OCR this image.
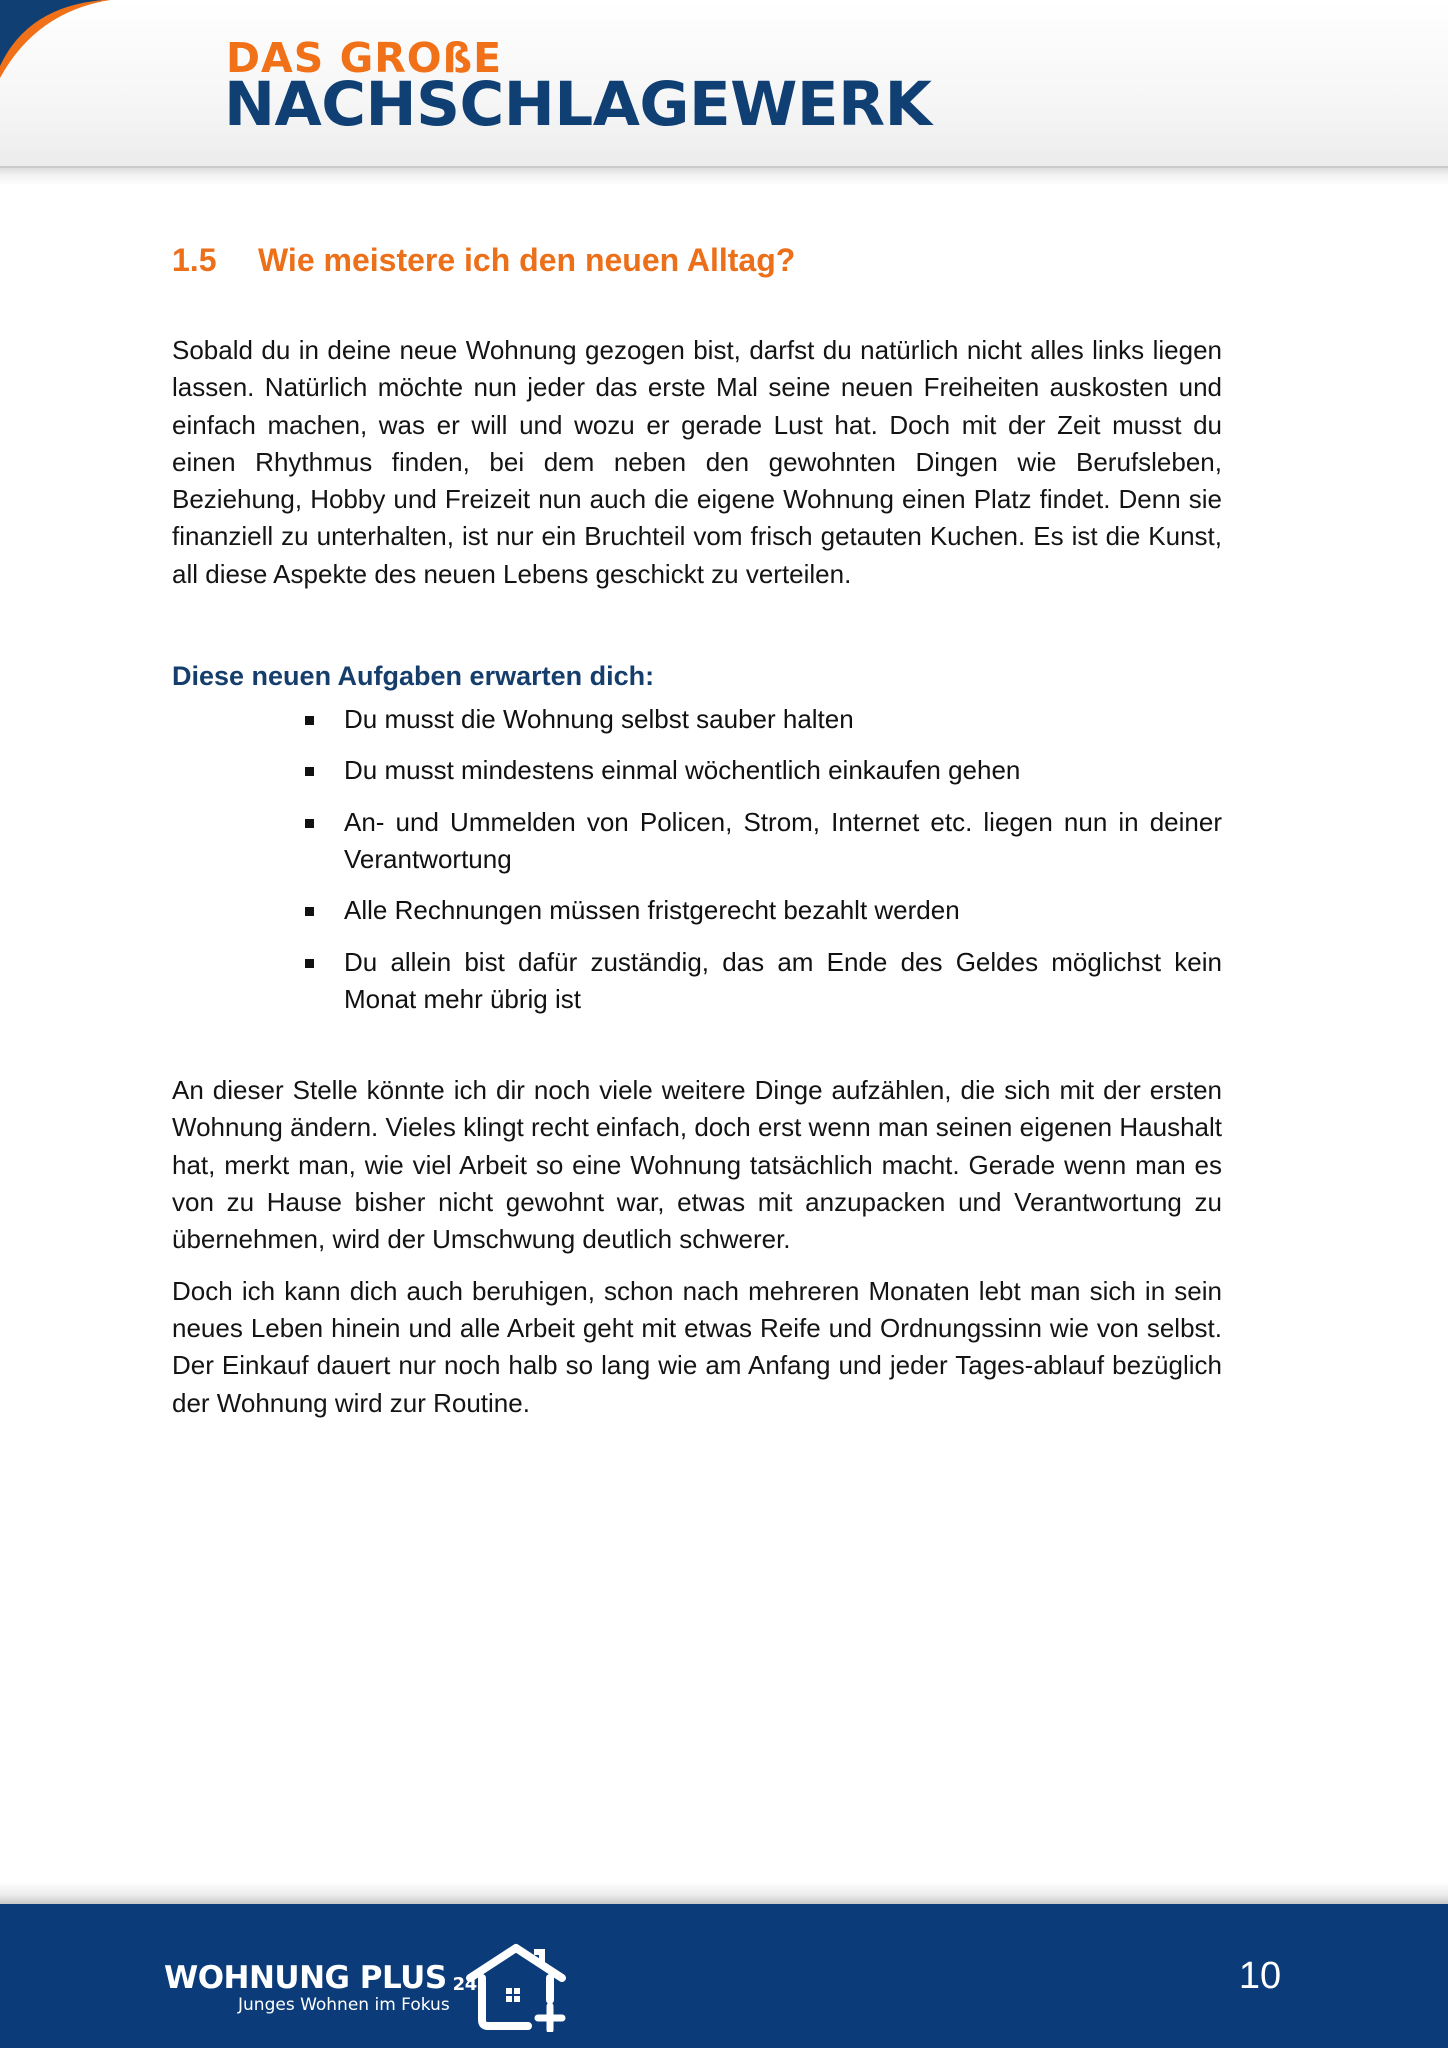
DAS GROßE
NACHSCHLAGEWERK
1.5	Wie meistere ich den neuen Alltag?

Sobald du in deine neue Wohnung gezogen bist, darfst du natürlich nicht alles links liegen lassen. Natürlich möchte nun jeder das erste Mal seine neuen Freiheiten auskosten und einfach machen, was er will und wozu er gerade Lust hat. Doch mit der Zeit musst du einen Rhythmus finden, bei dem neben den gewohnten Dingen wie Berufsleben, Beziehung, Hobby und Freizeit nun auch die eigene Wohnung einen Platz findet. Denn sie finanziell zu unterhalten, ist nur ein Bruchteil vom frisch getauten Kuchen. Es ist die Kunst, all diese Aspekte des neuen Lebens geschickt zu verteilen.

Diese neuen Aufgaben erwarten dich:
Du musst die Wohnung selbst sauber halten
Du musst mindestens einmal wöchentlich einkaufen gehen
An- und Ummelden von Policen, Strom, Internet etc. liegen nun in deiner Verantwortung
Alle Rechnungen müssen fristgerecht bezahlt werden
Du allein bist dafür zuständig, das am Ende des Geldes möglichst kein Monat mehr übrig ist

An dieser Stelle könnte ich dir noch viele weitere Dinge aufzählen, die sich mit der ersten Wohnung ändern. Vieles klingt recht einfach, doch erst wenn man seinen eigenen Haushalt hat, merkt man, wie viel Arbeit so eine Wohnung tatsächlich macht. Gerade wenn man es von zu Hause bisher nicht gewohnt war, etwas mit anzupacken und Verantwortung zu übernehmen, wird der Umschwung deutlich schwerer.

Doch ich kann dich auch beruhigen, schon nach mehreren Monaten lebt man sich in sein neues Leben hinein und alle Arbeit geht mit etwas Reife und Ordnungssinn wie von selbst. Der Einkauf dauert nur noch halb so lang wie am Anfang und jeder Tages-ablauf bezüglich der Wohnung wird zur Routine.

WOHNUNG PLUS 24
Junges Wohnen im Fokus
10
